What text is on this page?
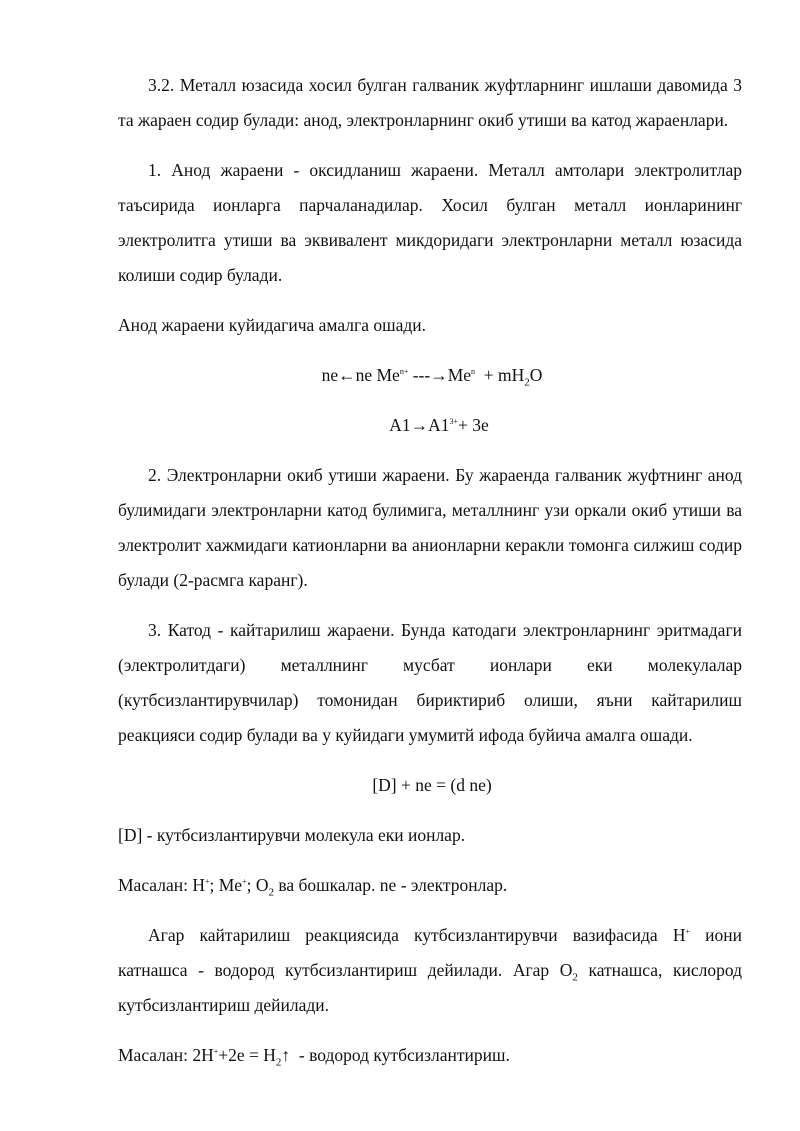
3.2. Металл юзасида хосил булган галваник жуфтларнинг ишлаши давомида 3 та жараен содир булади: анод, электронларнинг окиб утиши ва катод жараенлари.

1. Анод жараени - оксидланиш жараени. Металл амтолари электролитлар таъсирида ионларга парчаланадилар. Хосил булган металл ионларининг электролитга утиши ва эквивалент микдоридаги электронларни металл юзасида колиши содир булади.

Анод жараени куйидагича амалга ошади.

ne←ne $Me^{n+}$ $---\to Me^n + mH_2O$

$A1\to A1^{3+}+ 3e$

2. Электронларни окиб утиши жараени. Бу жараенда галваник жуфтнинг анод булимидаги электронларни катод булимига, металлнинг узи оркали окиб утиши ва электролит хажмидаги катионларни ва анионларни керакли томонга силжиш содир булади (2-расмга каранг).

3. Катод - кайтарилиш жараени. Бунда катодаги электронларнинг эритмадаги (электролитдаги) металлнинг мусбат ионлари еки молекулалар (кутбсизлантирувчилар) томонидан бириктириб олиши, яъни кайтарилиш реакцияси содир булади ва у куйидаги умумитй ифода буйича амалга ошади.

[D] + ne = (d ne)

[D] - кутбсизлантирувчи молекула еки ионлар.

Масалан: H+; Me+; $O_2$ ва бошкалар. ne - электронлар.

Агар кайтарилиш реакциясида кутбсизлантирувчи вазифасида H+ иони катнашса - водород кутбсизлантириш дейилади. Агар $O_2$ катнашса, кислород кутбсизлантириш дейилади.

Масалан: $2H^++2e = H_2↑$  - водород кутбсизлантириш.
